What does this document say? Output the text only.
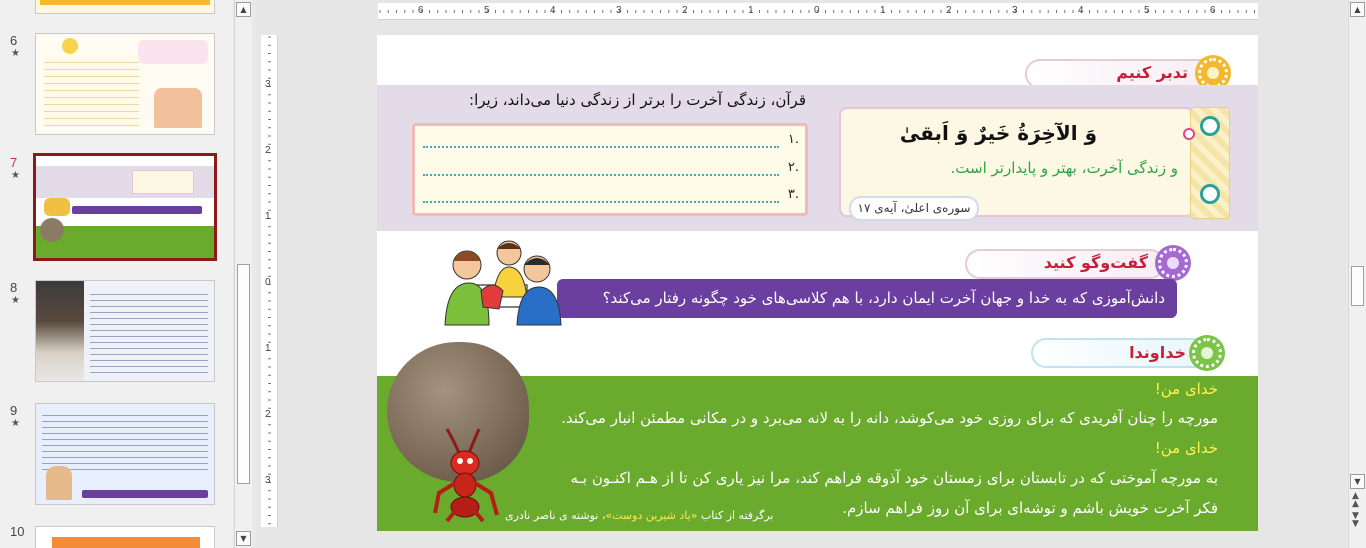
6
★
7
★
8
★
9
★
10
▲
▼
6	5	4	3	2	1	0	1	2	3	4	5	6
3
2
1
0
1
2
3
▲
▼
▲
▲
▼
▼
تدبر کنیم
قرآن، زندگی آخرت را برتر از زندگی دنیا می‌داند، زیرا:
۱.
۲.
۳.
وَ الآخِرَةُ خَيرٌ وَ اَبقیٰ
و زندگی آخرت، بهتر و پایدارتر است.
سوره‌ی اعلیٰ، آیه‌ی ۱۷
گفت‌وگو کنید
دانش‌آموزی که به خدا و جهان آخرت ایمان دارد، با هم کلاسی‌های خود چگونه رفتار می‌کند؟
خداوندا
خدای من!
مورچه را چنان آفریدی که برای روزی خود می‌کوشد، دانه را به لانه می‌برد و در مکانی مطمئن انبار می‌کند.
خدای من!
به مورچه آموختی که در تابستان برای زمستان خود آذوقه فراهم کند، مرا نیز یاری کن تا از هـم اکنـون بـه
فکر آخرت خویش باشم و توشه‌ای برای آن روز فراهم سازم.
برگرفته از کتاب «یاد شیرین دوست»، نوشته ی ناصر نادری
